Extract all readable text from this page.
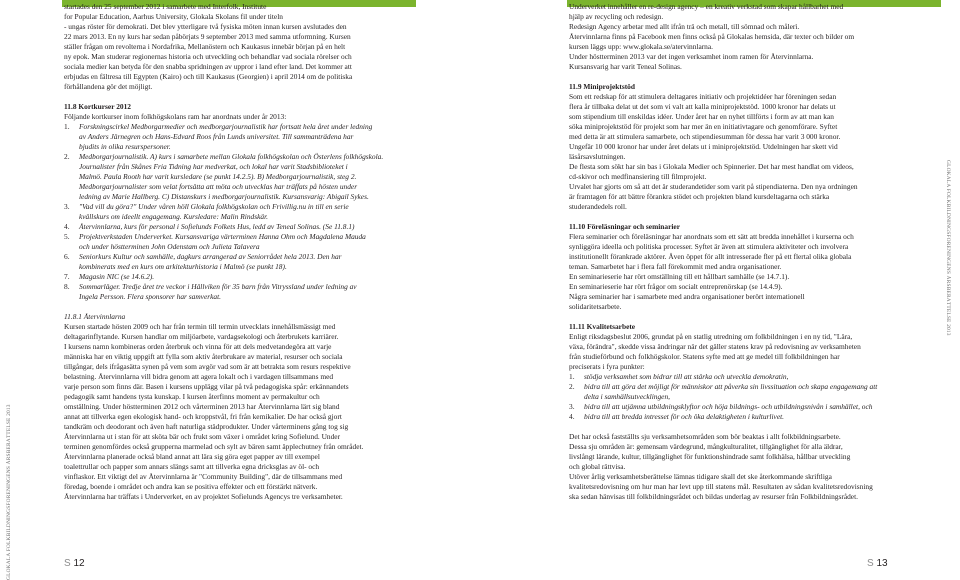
GLOKALA FOLKBILDNINGSFÖRENINGENS ÅRSBERÄTTELSE 2013
startades den 25 september 2012 i samarbete med Interfolk, Institute
for Popular Education, Aarhus University, Glokala Skolans fil under titeln
- ungas röster för demokrati. Det blev ytterligare två fysiska möten innan kursen avslutades den
22 mars 2013. En ny kurs har sedan påbörjats 9 september 2013 med samma utformning. Kursen
ställer frågan om revolterna i Nordafrika, Mellanöstern och Kaukasus innebär början på en helt
ny epok. Man studerar regionernas historia och utveckling och behandlar vad sociala rörelser och
sociala medier kan betyda för den snabba spridningen av uppror i land efter land. Det kommer att
erbjudas en fältresa till Egypten (Kairo) och till Kaukasus (Georgien) i april 2014 om de politiska
förhållandena gör det möjligt.

11.8 Kortkurser 2012

Följande kortkurser inom folkhögskolans ram har anordnats under år 2013:

1. Forskningscirkel Medborgarmedier och medborgarjournalistik har fortsatt hela året under ledning
av Anders Järnegren och Hans-Edvard Roos från Lunds universitet. Till sammanträdena har
bjudits in olika resurspersoner.
2. Medborgarjournalistik. A) kurs i samarbete mellan Glokala folkhögskolan och Österlens folkhögskola.
Journalister från Skånes Fria Tidning har medverkat, och lokal har varit Stadsbiblioteket i
Malmö. Paula Rooth har varit kursledare (se punkt 14.2.5). B) Medborgarjournalistik, steg 2.
Medborgarjournalister som velat fortsätta att möta och utvecklas har träffats på hösten under
ledning av Marie Hallberg. C) Distanskurs i medborgarjournalistik. Kursansvarig: Abigail Sykes.
3. "Vad vill du göra?" Under våren höll Glokala folkhögskolan och Frivillig.nu in till en serie
kvällskurs om ideellt engagemang. Kursledare: Malin Rindskär.
4. Återvinnlarna, kurs för personal i Sofielunds Folkets Hus, ledd av Teneal Solinas. (Se 11.8.1)
5. Projektverkstaden Underverket. Kursansvariga värterminen Hanna Ohm och Magdalena Mauda
och under höstterminen John Odenstam och Julieta Talavera
6. Seniorkurs Kultur och samhälle, dagkurs arrangerad av Seniorrådet hela 2013. Den har
kombinerats med en kurs om arkitekturhistoria i Malmö (se punkt 18).
7. Magasin NIC (se 14.6.2).
8. Sommarläger. Tredje året tre veckor i Hällviken för 35 barn från Vitryssland under ledning av
Ingela Persson. Flera sponsorer har samverkat.

11.8.1 Återvinnlarna

Kursen startade hösten 2009 och har från termin till termin utvecklats innehållsmässigt med
deltagarinflytande. Kursen handlar om miljöarbete, vardagsekologi och återbrukets karriärer.
I kursens namn kombineras orden återbruk och vinna för att dels medvetandegöra att varje
människa har en viktig uppgift att fylla som aktiv återbrukare av material, resurser och sociala
tillgångar, dels ifrågasätta synen på vem som avgör vad som är att betrakta som resurs respektive
belastning. Återvinnlarna vill bidra genom att agera lokalt och i vardagen tillsammans med
varje person som finns där. Basen i kursens upplägg vilar på två pedagogiska spår: erkännandets
pedagogik samt handens tysta kunskap. I kursen återfinns moment av permakultur och
omställning. Under höstterminen 2012 och vårterminen 2013 har Återvinnlarna lärt sig bland
annat att tillverka egen ekologisk hand- och kroppstvål, fri från kemikalier. De har också gjort
tandkräm och deodorant och även haft naturliga städprodukter. Under vårterminens gång tog sig
Återvinnlarna ut i stan för att sköta bär och frukt som växer i området kring Sofielund. Under
terminen genomfördes också grupperna marmelad och sylt av bären samt äpplechutney från området.
Återvinnlarna planerade också bland annat att lära sig göra eget papper av till exempel
toalettrullar och papper som annars slängs samt att tillverka egna dricksglas av öl- och
vinflaskor. Ett viktigt del av Återvinnlarna är "Community Building", där de tillsammans med
föredag, boende i området och andra kan se positiva effekter och ett förstärkt nätverk.
Återvinnlarna har träffats i Underverket, en av projektet Sofielunds Agencys tre verksamheter.
S 12
GLOKALA FOLKBILDNINGSFÖRENINGENS ÅRSBERÄTTELSE 2013
Underverket innehåller en re-design agency – en kreativ verkstad som skapar hållbarhet med
hjälp av recycling och redesign.
Redesign Agency arbetar med allt ifrån trä och metall, till sömnad och målerì.
Återvinnlarna finns på Facebook men finns också på Glokalas hemsida, där texter och bilder om
kursen läggs upp: www.glokala.se/atervinnlarna.
Under höstterminen 2013 var det ingen verksamhet inom ramen för Återvinnlarna.
Kursansvarig har varit Teneal Solinas.

11.9 Miniprojektstöd

Som ett redskap för att stimulera deltagares initiativ och projektidéer har föreningen sedan
flera år tillbaka delat ut det som vi valt att kalla miniprojektstöd. 1000 kronor har delats ut
som stipendium till enskildas idéer. Under året har en nyhet tillförts i form av att man kan
söka miniprojektstöd för projekt som har mer än en initiativtagare och genomförare. Syftet
med detta är att stimulera samarbete, och stipendiesumman för dessa har varit 3 000 kronor.
Ungefär 10 000 kronor har under året delats ut i miniprojektstöd. Utdelningen har skett vid
läsårsavslutningen.
De flesta som sökt har sin bas i Glokala Medier och Spinnerier. Det har mest handlat om videos,
cd-skivor och medfinansiering till filmprojekt.
Urvalet har gjorts om så att det är studerandetider som varit på stipendiaterna. Den nya ordningen
är framtagen för att bättre förankra stödet och projekten bland kursdeltagarna och stärka
studerandedels roll.

11.10 Föreläsningar och seminarier

Flera seminarier och föreläsningar har anordnats som ett sätt att bredda innehållet i kurserna och
synliggöra ideella och politiska processer. Syftet är även att stimulera aktiviteter och involvera
institutionellt förankrade aktörer. Även öppet för allt intresserade fler på ett flertal olika globala
teman. Samarbetet har i flera fall förekommit med andra organisationer.
En seminarieserie har rört omställning till ett hållbart samhälle (se 14.7.1).
En seminarieserie har rört frågor om socialt entreprenörskap (se 14.4.9).
Några seminarier har i samarbete med andra organisationer berört internationell
solidaritetsarbete.

11.11 Kvalitetsarbete

Enligt riksdagsbeslut 2006, grundat på en statlig utredning om folkbildningen i en ny tid, "Lära,
växa, förändra", skedde vissa ändringar när det gäller statens krav på redovisning av verksamheten
från studieförbund och folkhögskolor. Statens syfte med att ge medel till folkbildningen har
preciserats i fyra punkter:
1. stödja verksamhet som bidrar till att stärka och utveckla demokratin,
2. bidra till att göra det möjligt för människor att påverka sin livssituation och skapa engagemang att
delta i samhällsutvecklingen,
3. bidra till att utjämna utbildningsklyftor och höja bildnings- och utbildningsnivån i samhället, och
4. bidra till att bredda intresset för och öka delaktigheten i kulturlivet.
Det har också fastställts sju verksamhetsområden som bör beaktas i allt folkbildningsarbete.
Dessa sju områden är: gemensam värdegrund, mångkulturalitet, tillgänglighet för alla äldrar,
livslångt lärande, kultur, tillgänglighet för funktionshindrade samt folkhälsa, hållbar utveckling
och global rättvisa.
Utöver årlig verksamhetsberättelse lämnas tidigare skall det ske återkommande skriftliga
kvalitetsredovisning om hur man har levt upp till statens mål. Resultaten av sådan kvalitetsredovisning
ska sedan hänvisas till folkbildningsrådet och bildas underlag av resurser från Folkbildningsrådet.
S 13
